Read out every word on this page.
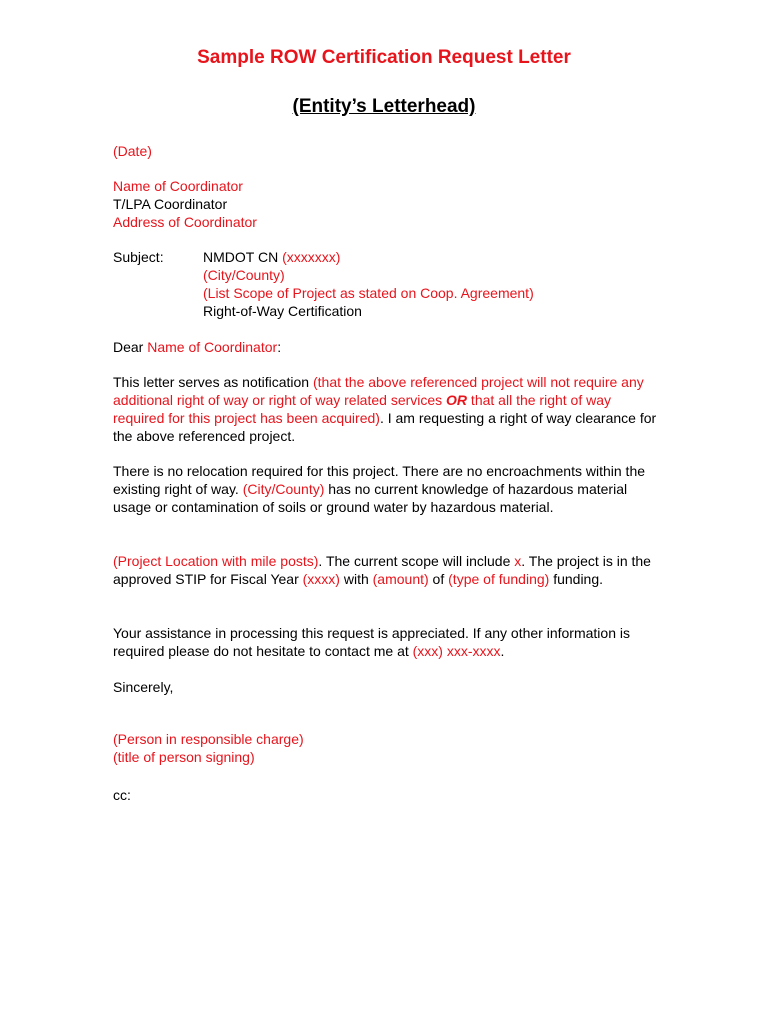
Sample ROW Certification Request Letter
(Entity’s Letterhead)

(Date)

Name of Coordinator
T/LPA Coordinator
Address of Coordinator
Subject:	NMDOT CN (xxxxxxx)
(City/County)
(List Scope of Project as stated on Coop. Agreement)
Right-of-Way Certification

Dear Name of Coordinator:

This letter serves as notification (that the above referenced project will not require any additional right of way or right of way related services OR that all the right of way required for this project has been acquired). I am requesting a right of way clearance for the above referenced project.

There is no relocation required for this project. There are no encroachments within the existing right of way. (City/County) has no current knowledge of hazardous material usage or contamination of soils or ground water by hazardous material.

(Project Location with mile posts). The current scope will include x. The project is in the approved STIP for Fiscal Year (xxxx) with (amount) of (type of funding) funding.

Your assistance in processing this request is appreciated. If any other information is required please do not hesitate to contact me at (xxx) xxx-xxxx.

Sincerely,

(Person in responsible charge)
(title of person signing)

cc:
